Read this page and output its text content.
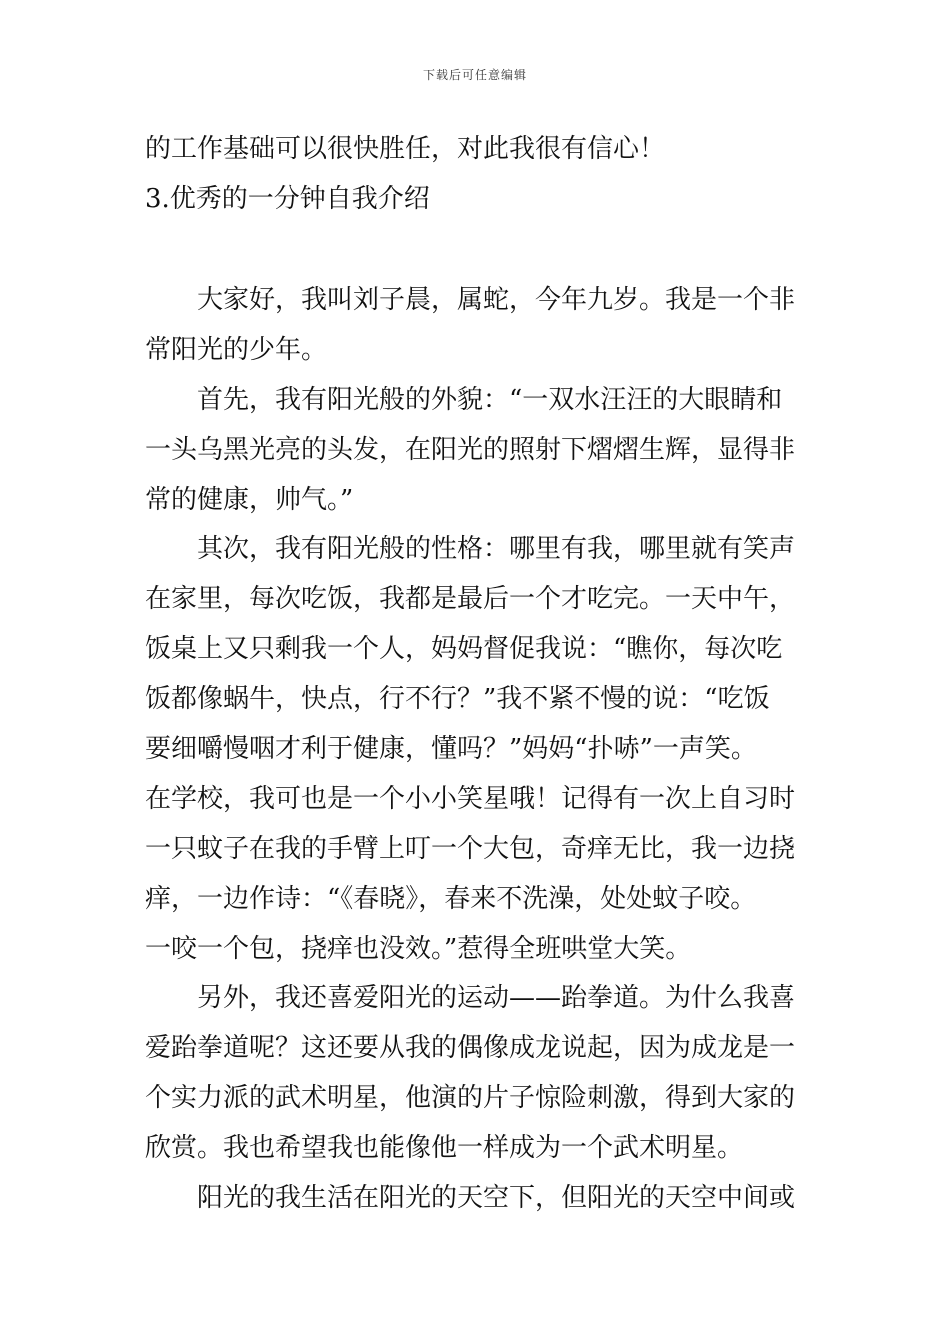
下载后可任意编辑
的工作基础可以很快胜任，对此我很有信心！
3.优秀的一分钟自我介绍
大家好，我叫刘子晨，属蛇，今年九岁。我是一个非
常阳光的少年。
首先，我有阳光般的外貌：“一双水汪汪的大眼睛和
一头乌黑光亮的头发，在阳光的照射下熠熠生辉，显得非
常的健康，帅气。”
其次，我有阳光般的性格：哪里有我，哪里就有笑声
在家里，每次吃饭，我都是最后一个才吃完。一天中午，
饭桌上又只剩我一个人，妈妈督促我说：“瞧你，每次吃
饭都像蜗牛，快点，行不行？”我不紧不慢的说：“吃饭
要细嚼慢咽才利于健康，懂吗？”妈妈“扑哧”一声笑。
在学校，我可也是一个小小笑星哦！记得有一次上自习时
一只蚊子在我的手臂上叮一个大包，奇痒无比，我一边挠
痒，一边作诗：“《春晓》，春来不洗澡，处处蚊子咬。
一咬一个包，挠痒也没效。”惹得全班哄堂大笑。
另外，我还喜爱阳光的运动——跆拳道。为什么我喜
爱跆拳道呢？这还要从我的偶像成龙说起，因为成龙是一
个实力派的武术明星，他演的片子惊险刺激，得到大家的
欣赏。我也希望我也能像他一样成为一个武术明星。
阳光的我生活在阳光的天空下，但阳光的天空中间或
